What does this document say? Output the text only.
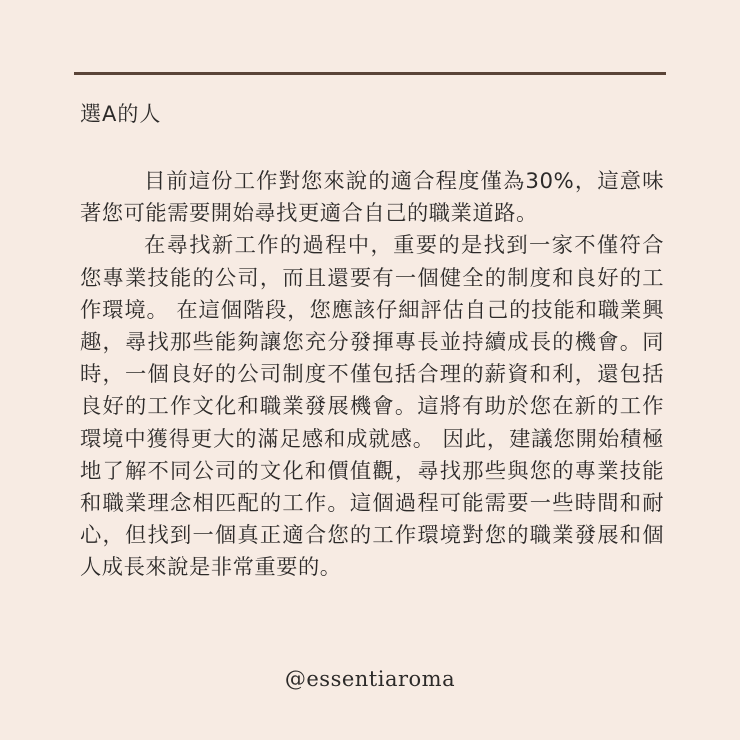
選A的人

目前這份工作對您來說的適合程度僅為30%，這意味著您可能需要開始尋找更適合自己的職業道路。

在尋找新工作的過程中，重要的是找到一家不僅符合您專業技能的公司，而且還要有一個健全的制度和良好的工作環境。 在這個階段，您應該仔細評估自己的技能和職業興趣，尋找那些能夠讓您充分發揮專長並持續成長的機會。同時，一個良好的公司制度不僅包括合理的薪資和利，還包括良好的工作文化和職業發展機會。這將有助於您在新的工作環境中獲得更大的滿足感和成就感。 因此，建議您開始積極地了解不同公司的文化和價值觀，尋找那些與您的專業技能和職業理念相匹配的工作。這個過程可能需要一些時間和耐心，但找到一個真正適合您的工作環境對您的職業發展和個人成長來說是非常重要的。

@essentiaroma
